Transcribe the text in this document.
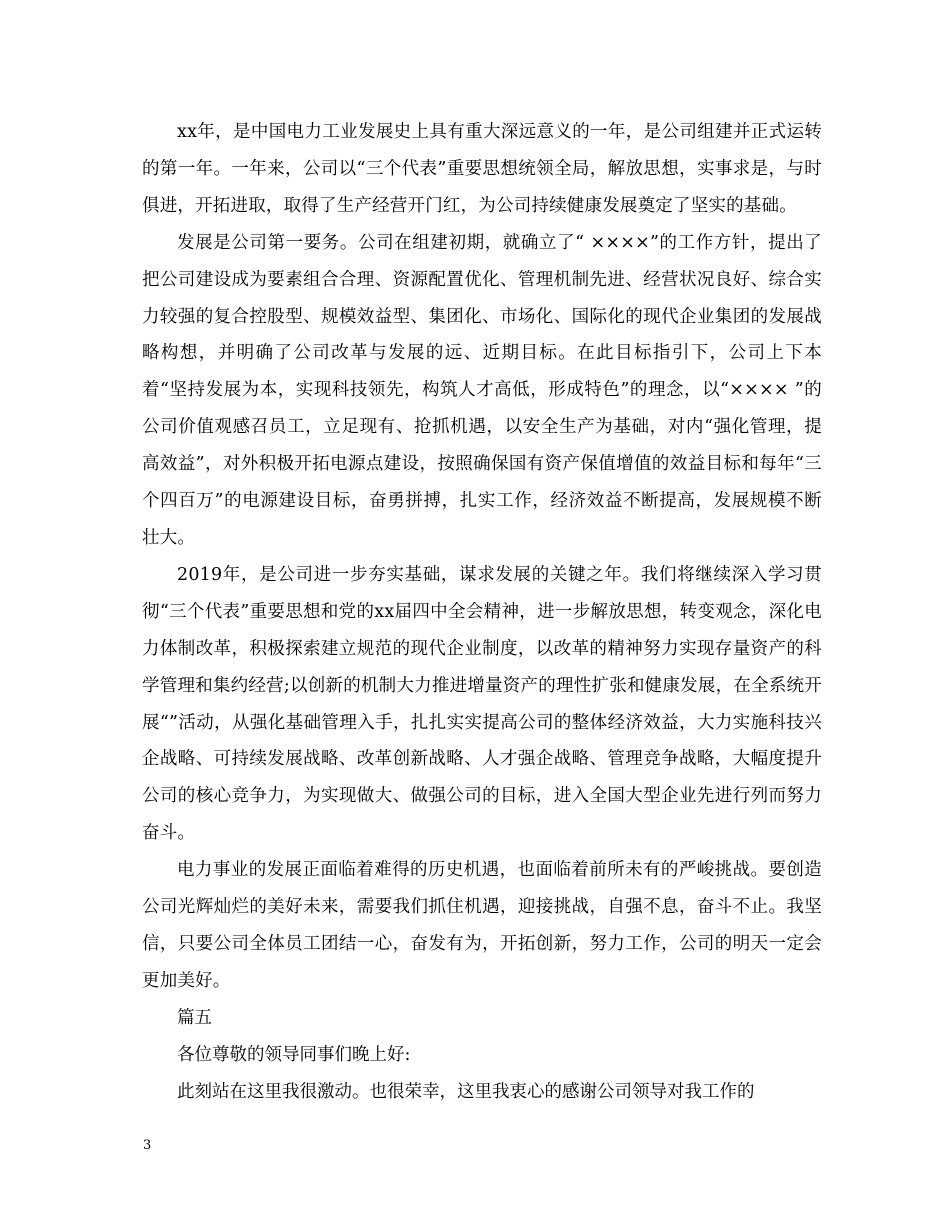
xx年，是中国电力工业发展史上具有重大深远意义的一年，是公司组建并正式运转的第一年。一年来，公司以“三个代表”重要思想统领全局，解放思想，实事求是，与时俱进，开拓进取，取得了生产经营开门红，为公司持续健康发展奠定了坚实的基础。

发展是公司第一要务。公司在组建初期，就确立了“ ××××”的工作方针，提出了把公司建设成为要素组合合理、资源配置优化、管理机制先进、经营状况良好、综合实力较强的复合控股型、规模效益型、集团化、市场化、国际化的现代企业集团的发展战略构想，并明确了公司改革与发展的远、近期目标。在此目标指引下，公司上下本着“坚持发展为本，实现科技领先，构筑人才高低，形成特色”的理念，以“×××× ”的公司价值观感召员工，立足现有、抢抓机遇，以安全生产为基础，对内“强化管理，提高效益”，对外积极开拓电源点建设，按照确保国有资产保值增值的效益目标和每年“三个四百万”的电源建设目标，奋勇拼搏，扎实工作，经济效益不断提高，发展规模不断壮大。

2019年，是公司进一步夯实基础，谋求发展的关键之年。我们将继续深入学习贯彻“三个代表”重要思想和党的xx届四中全会精神，进一步解放思想，转变观念，深化电力体制改革，积极探索建立规范的现代企业制度，以改革的精神努力实现存量资产的科学管理和集约经营;以创新的机制大力推进增量资产的理性扩张和健康发展，在全系统开展“”活动，从强化基础管理入手，扎扎实实提高公司的整体经济效益，大力实施科技兴企战略、可持续发展战略、改革创新战略、人才强企战略、管理竞争战略，大幅度提升公司的核心竞争力，为实现做大、做强公司的目标，进入全国大型企业先进行列而努力奋斗。

电力事业的发展正面临着难得的历史机遇，也面临着前所未有的严峻挑战。要创造公司光辉灿烂的美好未来，需要我们抓住机遇，迎接挑战，自强不息，奋斗不止。我坚信，只要公司全体员工团结一心，奋发有为，开拓创新，努力工作，公司的明天一定会更加美好。

篇五

各位尊敬的领导同事们晚上好:

此刻站在这里我很激动。也很荣幸，这里我衷心的感谢公司领导对我工作的

3
